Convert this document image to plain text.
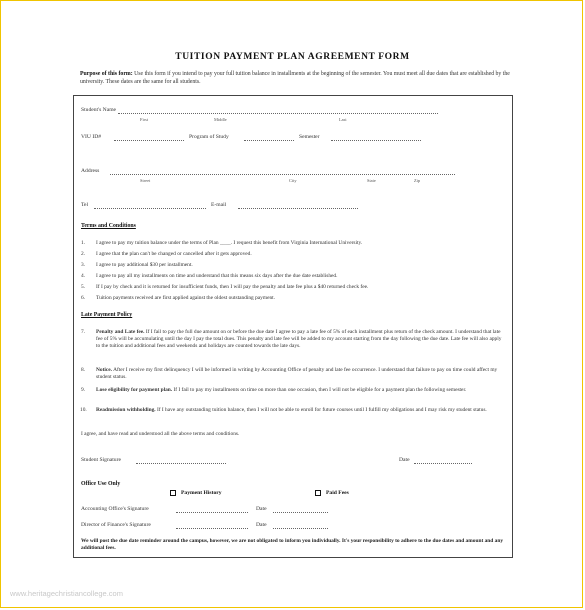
TUITION PAYMENT PLAN AGREEMENT FORM
Purpose of this form: Use this form if you intend to pay your full tuition balance in installments at the beginning of the semester. You must meet all due dates that are established by the university. These dates are the same for all students.
Student's Name
First	Middle	Last
VIU ID#	Program of Study	Semester
Address
Street	City	State	Zip
Tel	E-mail
Terms and Conditions
1. I agree to pay my tuition balance under the terms of Plan ____. I request this benefit from Virginia International University.
2. I agree that the plan can't be changed or cancelled after it gets approved.
3. I agree to pay additional $30 per installment.
4. I agree to pay all my installments on time and understand that this means six days after the due date established.
5. If I pay by check and it is returned for insufficient funds, then I will pay the penalty and late fee plus a $40 returned check fee.
6. Tuition payments received are first applied against the oldest outstanding payment.
Late Payment Policy
7. Penalty and Late fee. If I fail to pay the full due amount on or before the due date I agree to pay a late fee of 5% of each installment plus return of the check amount. I understand that late fee of 5% will be accumulating until the day I pay the total dues. This penalty and late fee will be added to my account starting from the day following the due date. Late fee will also apply to the tuition and additional fees and weekends and holidays are counted towards the late days.
8. Notice. After I receive my first delinquency I will be informed in writing by Accounting Office of penalty and late fee occurrence. I understand that failure to pay on time could affect my student status.
9. Lose eligibility for payment plan. If I fail to pay my installments on time on more than one occasion, then I will not be eligible for a payment plan the following semester.
10. Readmission withholding. If I have any outstanding tuition balance, then I will not be able to enroll for future courses until I fulfill my obligations and I may risk my student status.
I agree, and have read and understood all the above terms and conditions.
Student Signature	Date
Office Use Only
Payment History	Paid Fees
Accounting Office's Signature	Date
Director of Finance's Signature	Date
We will post the due date reminder around the campus, however, we are not obligated to inform you individually. It's your responsibility to adhere to the due dates and amount and any additional fees.
www.heritagechristiancollege.com
